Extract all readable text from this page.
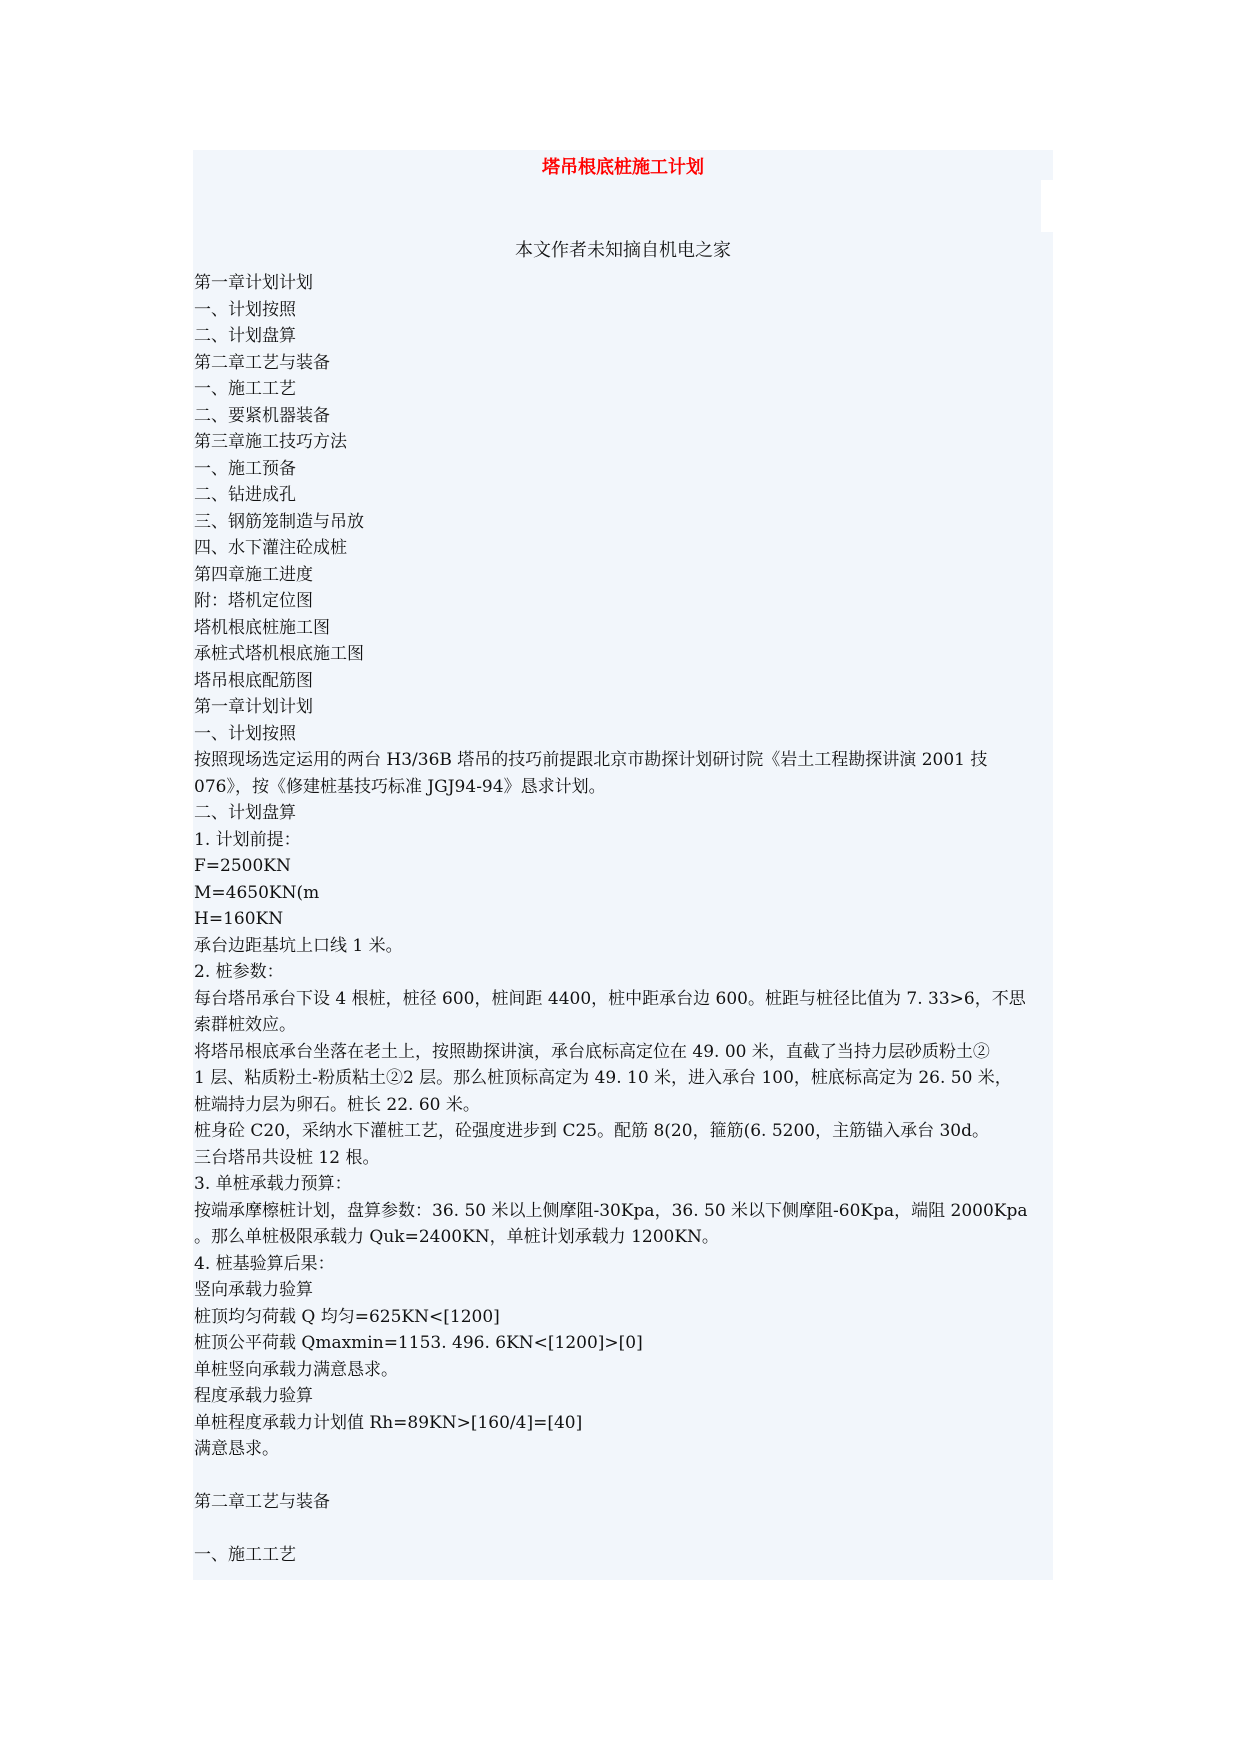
塔吊根底桩施工计划
本文作者未知摘自机电之家
第一章计划计划
一、计划按照
二、计划盘算
第二章工艺与装备
一、施工工艺
二、要紧机器装备
第三章施工技巧方法
一、施工预备
二、钻进成孔
三、钢筋笼制造与吊放
四、水下灌注砼成桩
第四章施工进度
附：塔机定位图
塔机根底桩施工图
承桩式塔机根底施工图
塔吊根底配筋图
第一章计划计划
一、计划按照
按照现场选定运用的两台 H3/36B 塔吊的技巧前提跟北京市勘探计划研讨院《岩土工程勘探讲演 2001 技
076》，按《修建桩基技巧标准 JGJ94-94》恳求计划。
二、计划盘算
1. 计划前提：
F=2500KN
M=4650KN(m
H=160KN
承台边距基坑上口线 1 米。
2. 桩参数：
每台塔吊承台下设 4 根桩，桩径 600，桩间距 4400，桩中距承台边 600。桩距与桩径比值为 7. 33>6，不思
索群桩效应。
将塔吊根底承台坐落在老土上，按照勘探讲演，承台底标高定位在 49. 00 米，直截了当持力层砂质粉土②
1 层、粘质粉土-粉质粘土②2 层。那么桩顶标高定为 49. 10 米，进入承台 100，桩底标高定为 26. 50 米，
桩端持力层为卵石。桩长 22. 60 米。
桩身砼 C20，采纳水下灌桩工艺，砼强度进步到 C25。配筋 8(20，箍筋(6. 5200，主筋锚入承台 30d。
三台塔吊共设桩 12 根。
3. 单桩承载力预算：
按端承摩檫桩计划，盘算参数：36. 50 米以上侧摩阻-30Kpa，36. 50 米以下侧摩阻-60Kpa，端阻 2000Kpa
。那么单桩极限承载力 Quk=2400KN，单桩计划承载力 1200KN。
4. 桩基验算后果：
竖向承载力验算
桩顶均匀荷载 Q 均匀=625KN<[1200]
桩顶公平荷载 Qmaxmin=1153. 496. 6KN<[1200]>[0]
单桩竖向承载力满意恳求。
程度承载力验算
单桩程度承载力计划值 Rh=89KN>[160/4]=[40]
满意恳求。
第二章工艺与装备
一、施工工艺
